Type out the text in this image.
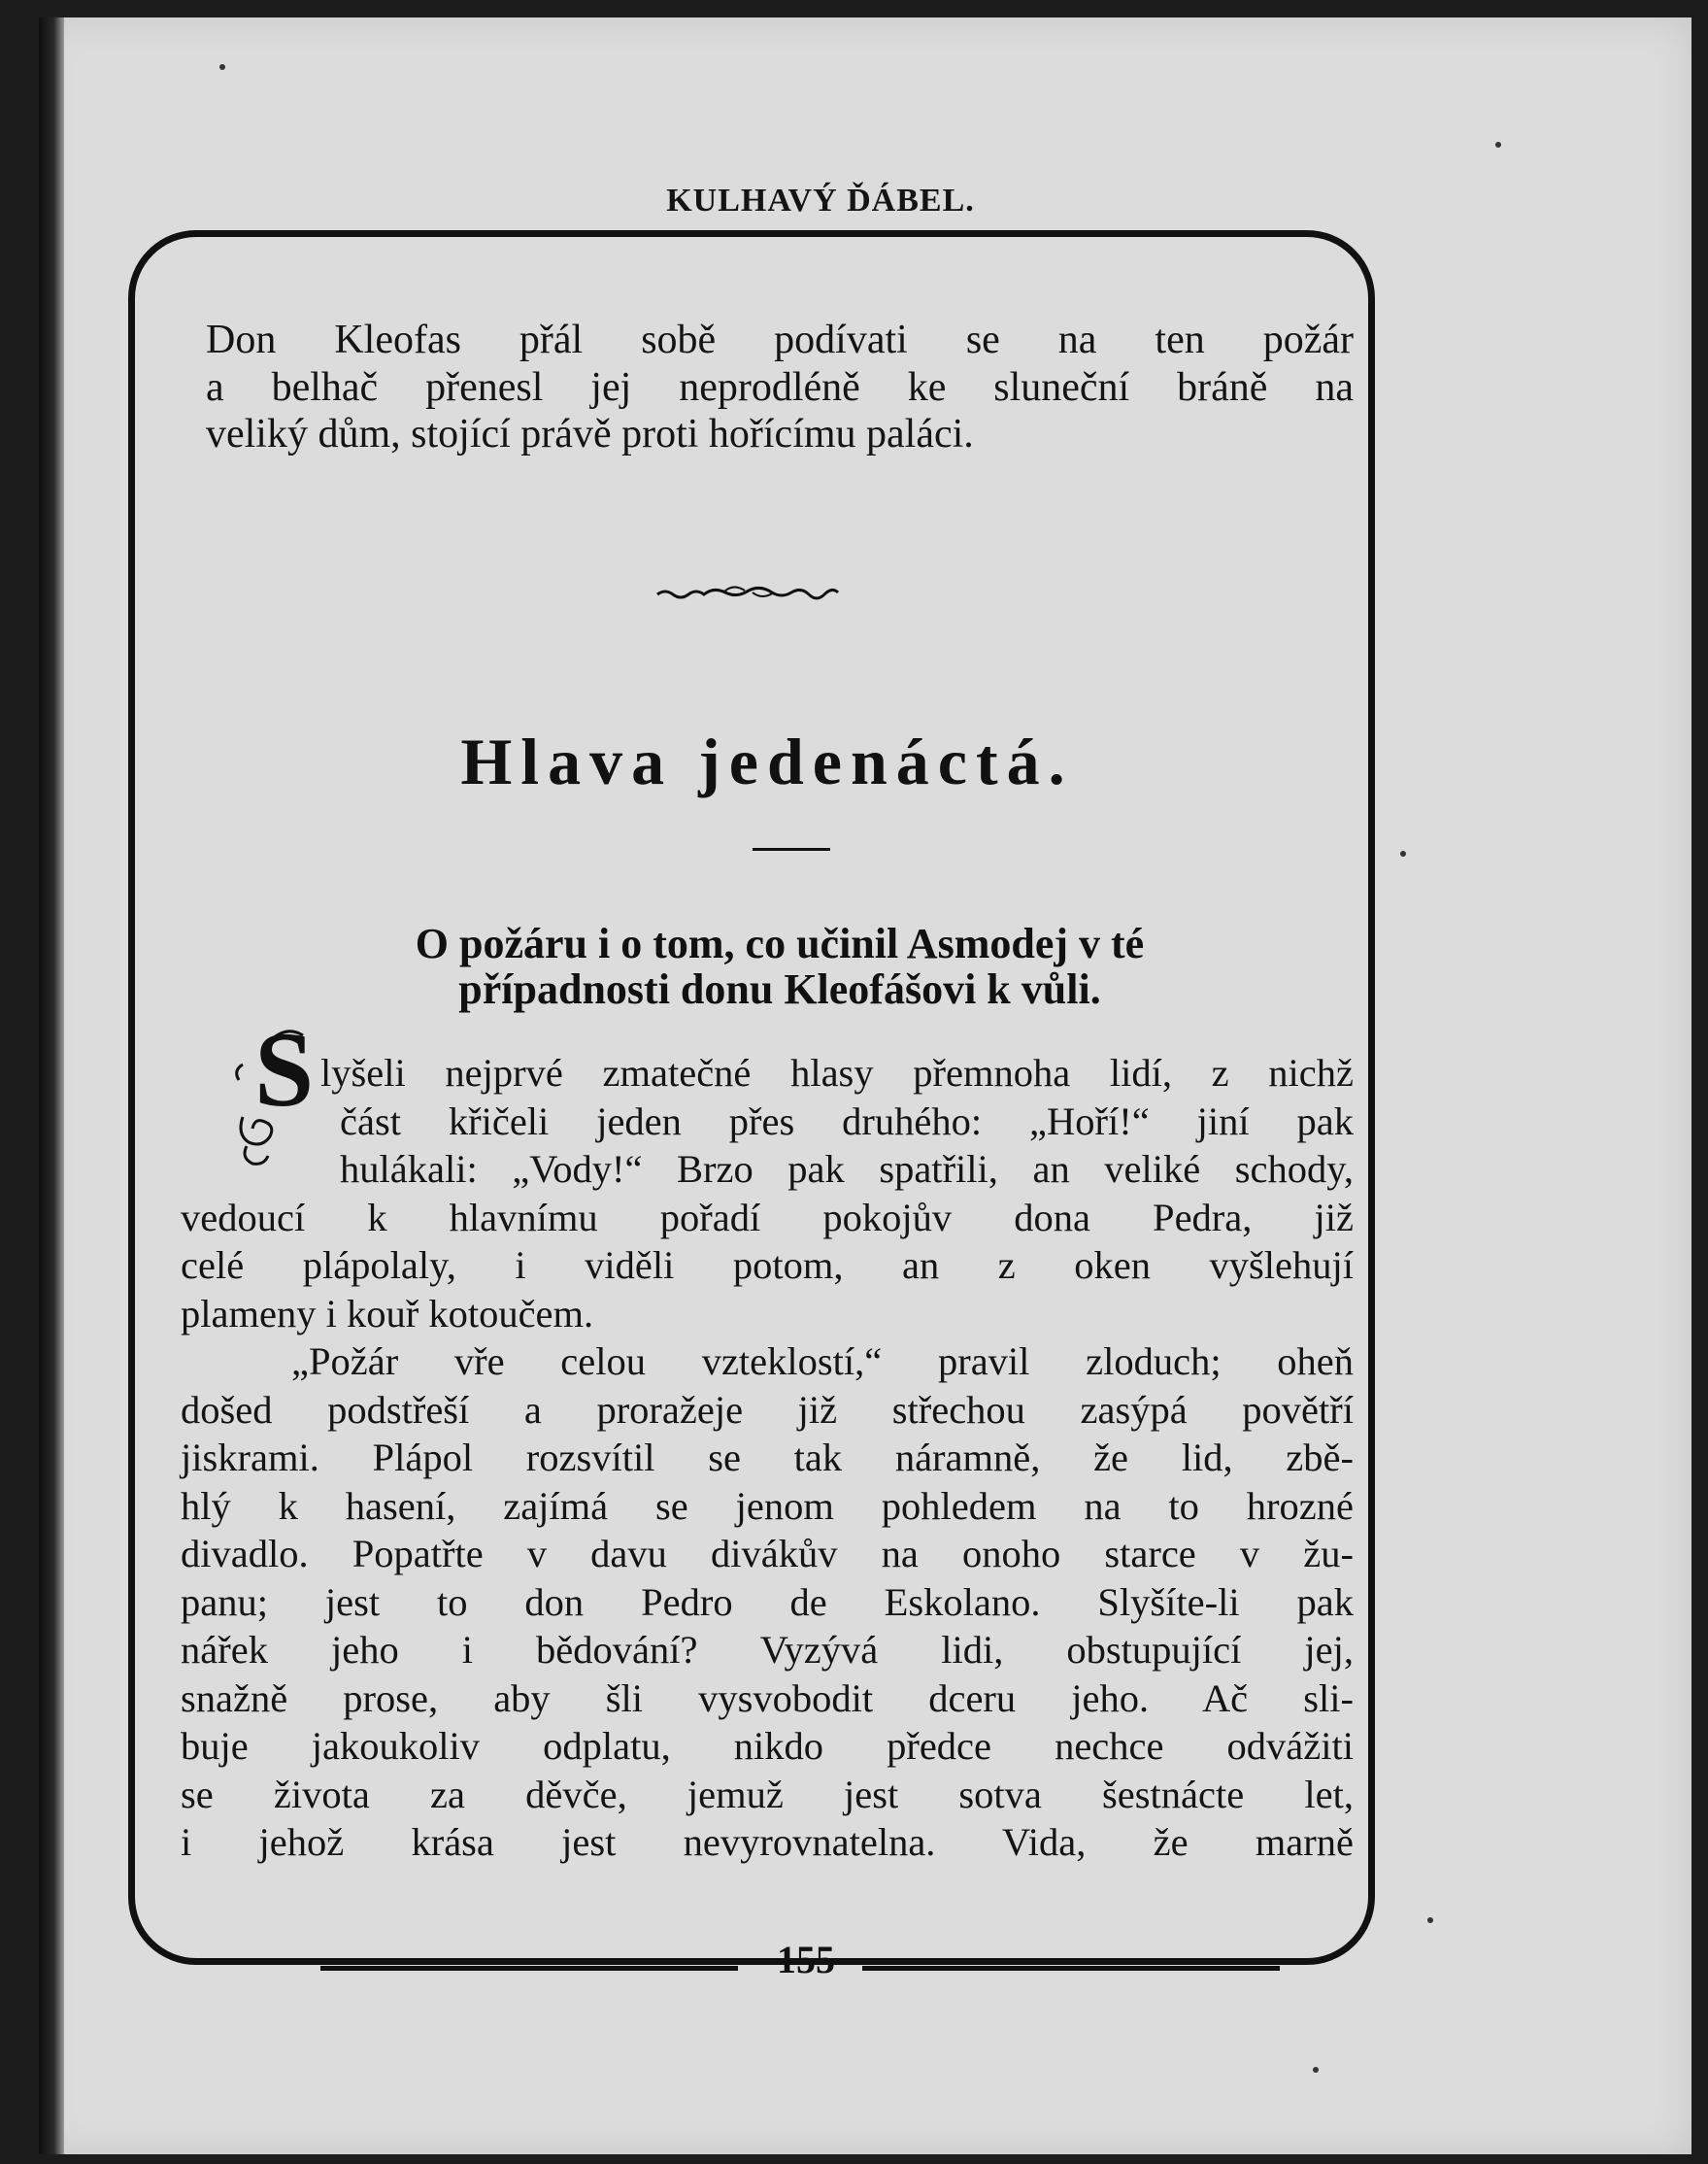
KULHAVÝ ĎÁBEL.
Don Kleofas přál sobě podívati se na ten požár
a belhač přenesl jej neprodléně ke sluneční bráně na
veliký dům, stojící právě proti hořícímu paláci.
Hlava jedenáctá.
O požáru i o tom, co učinil Asmodej v té
případnosti donu Kleofášovi k vůli.
S lyšeli nejprvé zmatečné hlasy přemnoha lidí, z nichž
část křičeli jeden přes druhého: „Hoří!“ jiní pak
hulákali: „Vody!“ Brzo pak spatřili, an veliké schody,
vedoucí k hlavnímu pořadí pokojův dona Pedra, již
celé plápolaly, i viděli potom, an z oken vyšlehují
plameny i kouř kotoučem.
„Požár vře celou vzteklostí,“ pravil zloduch; oheň
došed podstřeší a proražeje již střechou zasýpá povětří
jiskrami. Plápol rozsvítil se tak náramně, že lid, zbě-
hlý k hasení, zajímá se jenom pohledem na to hrozné
divadlo. Popatřte v davu divákův na onoho starce v žu-
panu; jest to don Pedro de Eskolano. Slyšíte-li pak
nářek jeho i bědování? Vyzývá lidi, obstupující jej,
snažně prose, aby šli vysvobodit dceru jeho. Ač sli-
buje jakoukoliv odplatu, nikdo předce nechce odvážiti
se života za děvče, jemuž jest sotva šestnácte let,
i jehož krása jest nevyrovnatelna. Vida, že marně
155
